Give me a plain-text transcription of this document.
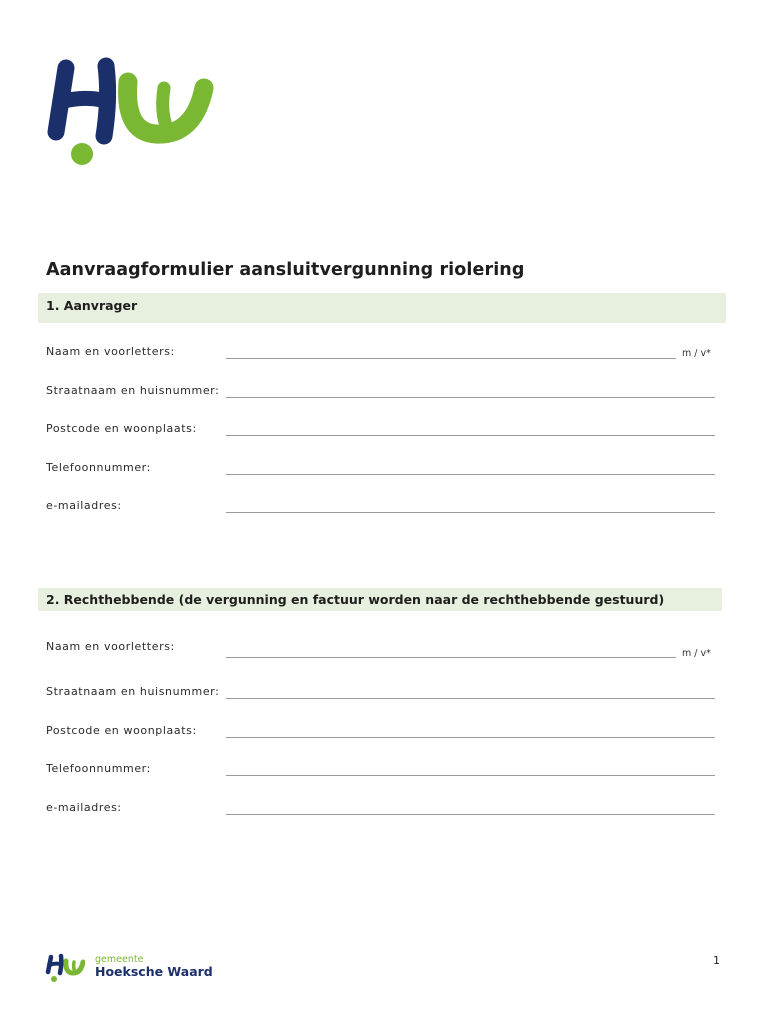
Aanvraagformulier aansluitvergunning riolering
1. Aanvrager
Naam en voorletters:	m / v*
Straatnaam en huisnummer:
Postcode en woonplaats:
Telefoonnummer:
e-mailadres:
2. Rechthebbende (de vergunning en factuur worden naar de rechthebbende gestuurd)
Naam en voorletters:
m / v*
Straatnaam en huisnummer:
Postcode en woonplaats:
Telefoonnummer:
e-mailadres:
gemeente
Hoeksche Waard
1
